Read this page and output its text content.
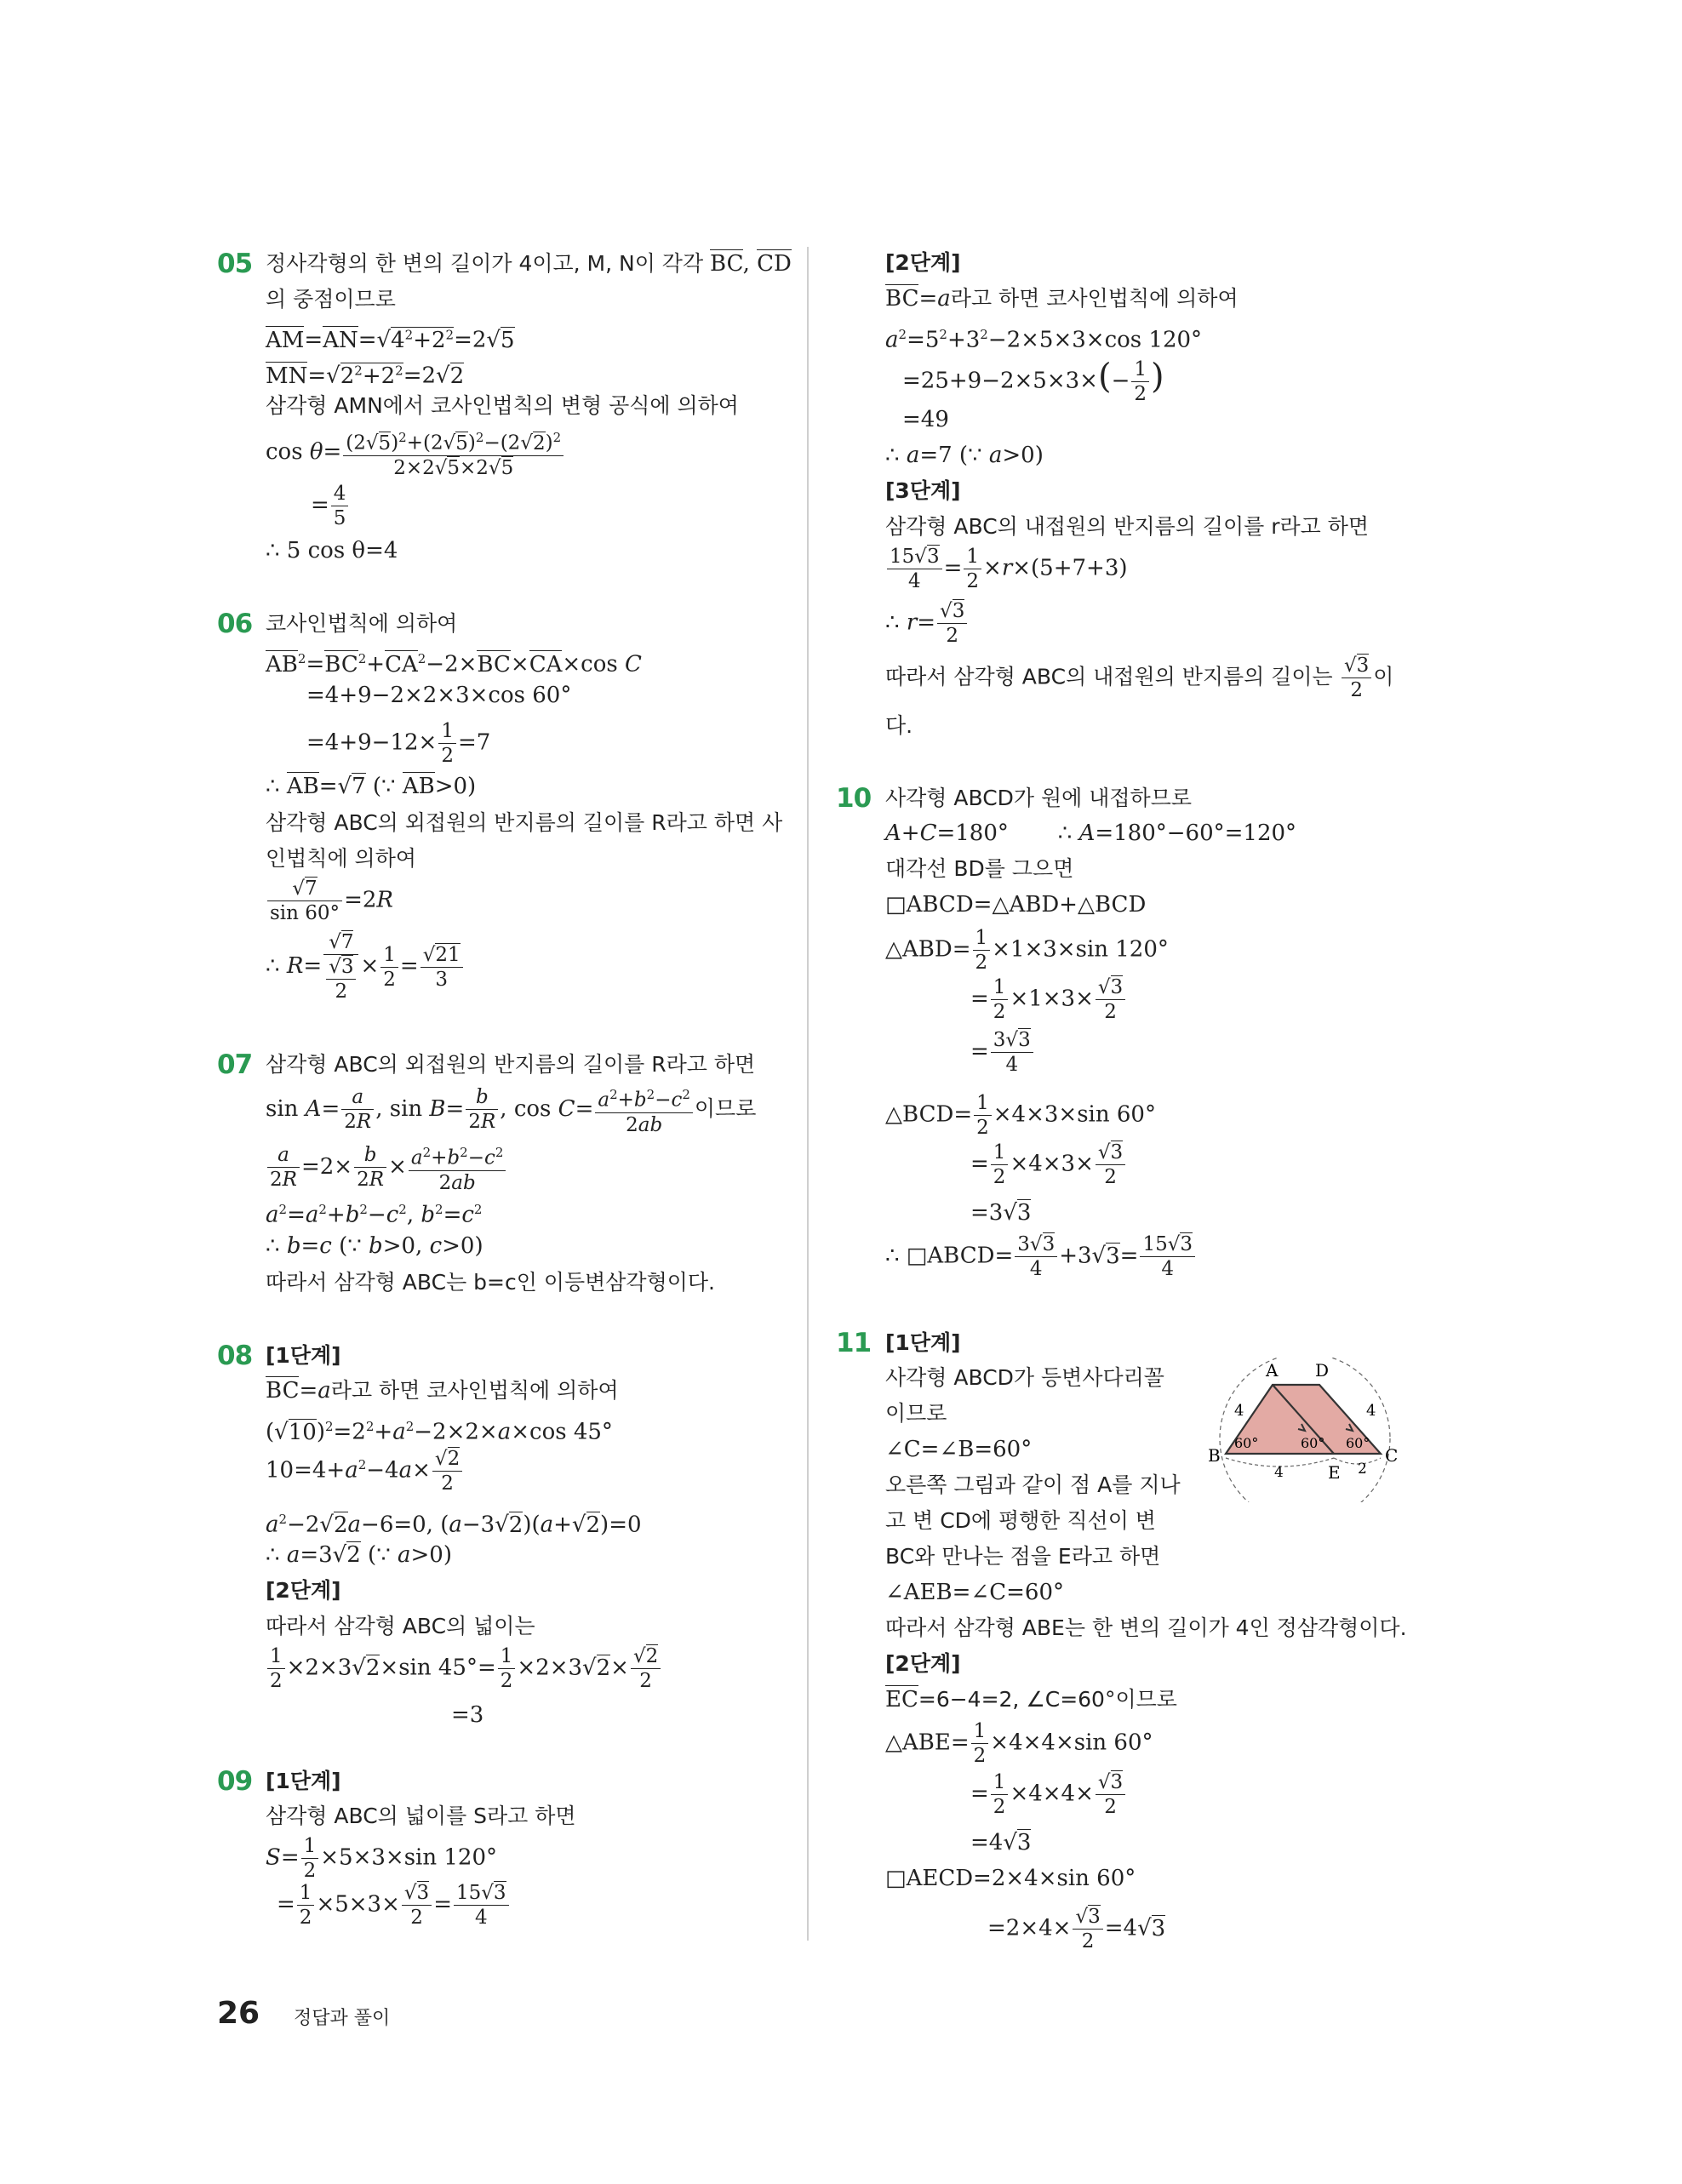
05 정사각형의 한 변의 길이가 4이고, M, N이 각각 BC, CD
의 중점이므로
$AM=AN=√4^2+2^2=2√5$
$MN=√2^2+2^2=2√2$
삼각형 AMN에서 코사인법칙의 변형 공식에 의하여
$\cos \theta= \frac{(2√5)^2+(2√5)^2-(2√2)^2}{2\times 2√5\times 2√5}$
= $\frac{4}{5}$
∴ 5 cos θ=4
06 코사인법칙에 의하여
$AB^2=BC^2+CA^2-2\times BC\times CA\times\cos$ C
=4+9−2×2×3×cos 60°
$=4+9-12\times \frac{1}{2} =7$
∴ AB=√7 (∵ AB>0)
삼각형 ABC의 외접원의 반지름의 길이를 R라고 하면 사
인법칙에 의하여
$\frac{√7}{\sin 60^\circ} =2R$
∴ $R= \frac{√7}{\frac{√3}{2}} \times \frac{1}{2} = \frac{√21}{3}$
07 삼각형 ABC의 외접원의 반지름의 길이를 R라고 하면
$\sin A= \frac{a}{2R}$ , $\sin B= \frac{b}{2R}$ , $\cos C= \frac{a^2+b^2-c^2}{2ab}$ 이므로
$\frac{a}{2R} =2\times \frac{b}{2R} \times \frac{a^2+b^2-c^2}{2ab}$
$a^2=a^2+b^2-c^2$, $b^2=c^2$
∴ b=c (∵ b>0, c>0)
따라서 삼각형 ABC는 b=c인 이등변삼각형이다.
08 [1단계]
BC=a라고 하면 코사인법칙에 의하여
$(√10)^2=2^2+a^2-2\times 2\times a\times\cos$ 45°
$10=4+a^2-4a\times \frac{√2}{2}$
$a^2-2√2a-6=0$, (a−3√2)(a+√2)=0
∴ a=3√2 (∵ a>0)
[2단계]
따라서 삼각형 ABC의 넓이는
$\frac{1}{2} \times 2\times 3√2\times\sin$ $45^\circ= \frac{1}{2} \times 2\times 3√2\times \frac{√2}{2}$
=3
09 [1단계]
삼각형 ABC의 넓이를 S라고 하면
$S= \frac{1}{2} \times 5\times 3\times\sin$ 120°
= $\frac{1}{2} \times 5\times 3\times \frac{√3}{2} = \frac{15√3}{4}$
[2단계]
BC=a라고 하면 코사인법칙에 의하여
$a^2=5^2+3^2-2\times 5\times 3\times\cos$ 120°
$=25+9-2\times 5\times 3\times(- \frac{1}{2}$ )
=49
∴ a=7 (∵ a>0)
[3단계]
삼각형 ABC의 내접원의 반지름의 길이를 r라고 하면
$\frac{15√3}{4} = \frac{1}{2} \times r\times(5+7+3)$
∴ $r= \frac{√3}{2}$
따라서 삼각형 ABC의 내접원의 반지름의 길이는 $\frac{√3}{2}$ 이
다.
10 사각형 ABCD가 원에 내접하므로
A+C=180°       ∴ A=180°−60°=120°
대각선 BD를 그으면
□ABCD=△ABD+△BCD
△ABD= $\frac{1}{2} \times 1\times 3\times\sin$ 120°
= $\frac{1}{2} \times 1\times 3\times \frac{√3}{2}$
= $\frac{3√3}{4}$
△BCD= $\frac{1}{2} \times 4\times 3\times\sin$ 60°
= $\frac{1}{2} \times 4\times 3\times \frac{√3}{2}$
=3√3
∴ □ABCD= $\frac{3√3}{4} +3√3= \frac{15√3}{4}$
11 [1단계]
사각형 ABCD가 등변사다리꼴
이므로
∠C=∠B=60°
오른쪽 그림과 같이 점 A를 지나
고 변 CD에 평행한 직선이 변
BC와 만나는 점을 E라고 하면
∠AEB=∠C=60°
따라서 삼각형 ABE는 한 변의 길이가 4인 정삼각형이다.
[2단계]
EC=6−4=2, ∠C=60°이므로
△ABE= $\frac{1}{2} \times 4\times 4\times\sin$ 60°
= $\frac{1}{2} \times 4\times 4\times \frac{√3}{2}$
=4√3
□AECD=2×4×sin 60°
$=2\times 4\times \frac{√3}{2} =4√3$
A D
B	C
E
4	4
4	2
60°	60° 60°
26 정답과 풀이
